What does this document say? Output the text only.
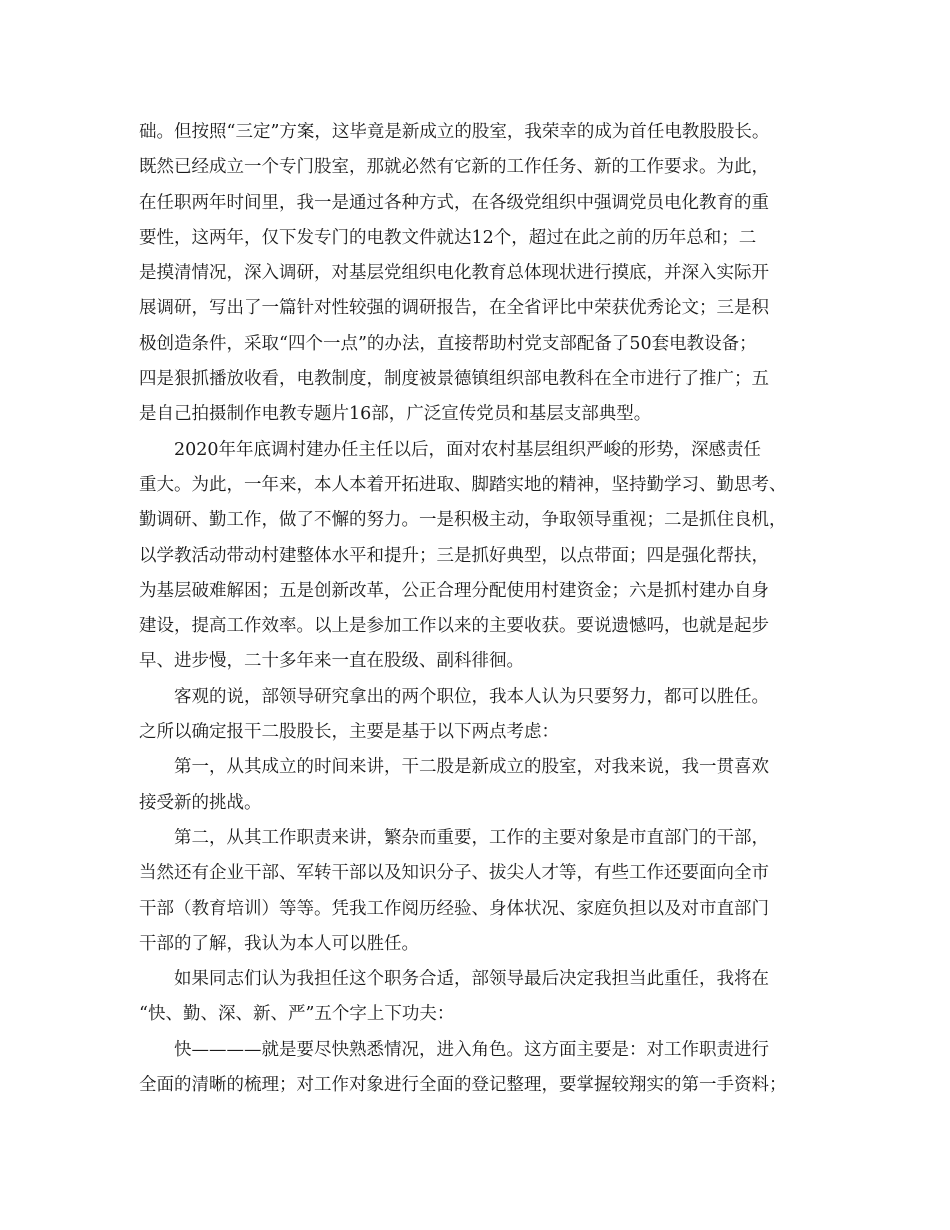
础。但按照“三定”方案，这毕竟是新成立的股室，我荣幸的成为首任电教股股长。
既然已经成立一个专门股室，那就必然有它新的工作任务、新的工作要求。为此，
在任职两年时间里，我一是通过各种方式，在各级党组织中强调党员电化教育的重
要性，这两年，仅下发专门的电教文件就达12个，超过在此之前的历年总和；二
是摸清情况，深入调研，对基层党组织电化教育总体现状进行摸底，并深入实际开
展调研，写出了一篇针对性较强的调研报告，在全省评比中荣获优秀论文；三是积
极创造条件，采取“四个一点”的办法，直接帮助村党支部配备了50套电教设备；
四是狠抓播放收看，电教制度，制度被景德镇组织部电教科在全市进行了推广；五
是自己拍摄制作电教专题片16部，广泛宣传党员和基层支部典型。
　　2020年年底调村建办任主任以后，面对农村基层组织严峻的形势，深感责任
重大。为此，一年来，本人本着开拓进取、脚踏实地的精神，坚持勤学习、勤思考、
勤调研、勤工作，做了不懈的努力。一是积极主动，争取领导重视；二是抓住良机，
以学教活动带动村建整体水平和提升；三是抓好典型，以点带面；四是强化帮扶，
为基层破难解困；五是创新改革，公正合理分配使用村建资金；六是抓村建办自身
建设，提高工作效率。以上是参加工作以来的主要收获。要说遗憾吗，也就是起步
早、进步慢，二十多年来一直在股级、副科徘徊。
　　客观的说，部领导研究拿出的两个职位，我本人认为只要努力，都可以胜任。
之所以确定报干二股股长，主要是基于以下两点考虑：
　　第一，从其成立的时间来讲，干二股是新成立的股室，对我来说，我一贯喜欢
接受新的挑战。
　　第二，从其工作职责来讲，繁杂而重要，工作的主要对象是市直部门的干部，
当然还有企业干部、军转干部以及知识分子、拔尖人才等，有些工作还要面向全市
干部（教育培训）等等。凭我工作阅历经验、身体状况、家庭负担以及对市直部门
干部的了解，我认为本人可以胜任。
　　如果同志们认为我担任这个职务合适，部领导最后决定我担当此重任，我将在
“快、勤、深、新、严”五个字上下功夫：
　　快————就是要尽快熟悉情况，进入角色。这方面主要是：对工作职责进行
全面的清晰的梳理；对工作对象进行全面的登记整理，要掌握较翔实的第一手资料；
